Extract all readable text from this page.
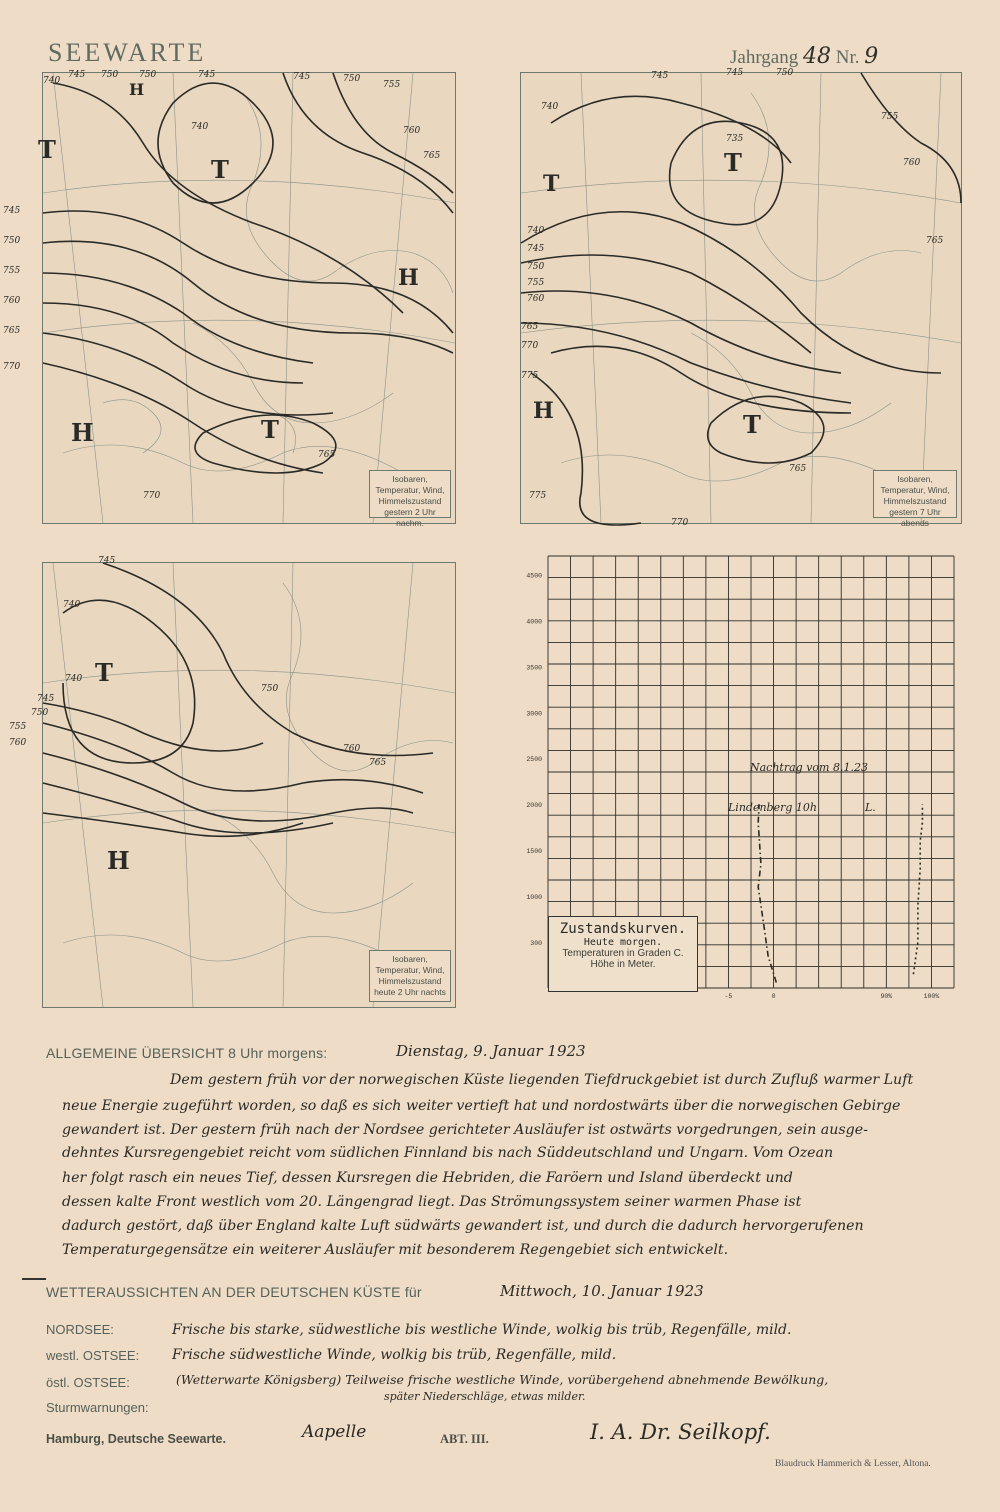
SEEWARTE	Jahrgang 48 Nr. 9
T
T
H
H
T
H
740
745 750 750	745	745	750
755
760
765
740
770
765
745
750
755
760
765
770
Isobaren,
Temperatur, Wind,
Himmelszustand
gestern 2 Uhr nachm.
T
T
H	T
745	745	750
755
760
765
740
735
740
745
750
755
760
765
770
775
775
770
765
Isobaren,
Temperatur, Wind,
Himmelszustand
gestern 7 Uhr abends
T
H
745
740
745
750
755
760
750
760
765
740
Isobaren,
Temperatur, Wind,
Himmelszustand
heute 2 Uhr nachts
300
1000
1500
2000
2500
3000
3500
4000
4500
-5	0	90%	100%
Zustandskurven.
Heute morgen.
Temperaturen in Graden C.
Höhe in Meter.
Nachtrag vom 8.1.23
Lindenberg 10h	L.
ALLGEMEINE ÜBERSICHT 8 Uhr morgens:	Dienstag, 9. Januar 1923
Dem gestern früh vor der norwegischen Küste liegenden Tiefdruckgebiet ist durch Zufluß warmer Luft
neue Energie zugeführt worden, so daß es sich weiter vertieft hat und nordostwärts über die norwegischen Gebirge
gewandert ist. Der gestern früh nach der Nordsee gerichteter Ausläufer ist ostwärts vorgedrungen, sein ausge-
dehntes Kursregengebiet reicht vom südlichen Finnland bis nach Süddeutschland und Ungarn. Vom Ozean
her folgt rasch ein neues Tief, dessen Kursregen die Hebriden, die Faröern und Island überdeckt und
dessen kalte Front westlich vom 20. Längengrad liegt. Das Strömungssystem seiner warmen Phase ist
dadurch gestört, daß über England kalte Luft südwärts gewandert ist, und durch die dadurch hervorgerufenen
Temperaturgegensätze ein weiterer Ausläufer mit besonderem Regengebiet sich entwickelt.
WETTERAUSSICHTEN AN DER DEUTSCHEN KÜSTE für	Mittwoch, 10. Januar 1923
NORDSEE:	Frische bis starke, südwestliche bis westliche Winde, wolkig bis trüb, Regenfälle, mild.
westl. OSTSEE: Frische südwestliche Winde, wolkig bis trüb, Regenfälle, mild.
östl. OSTSEE:	(Wetterwarte Königsberg) Teilweise frische westliche Winde, vorübergehend abnehmende Bewölkung,
später Niederschläge, etwas milder.
Sturmwarnungen:
Hamburg, Deutsche Seewarte.	Aapelle	ABT. III.	I. A. Dr. Seilkopf.
Blaudruck Hammerich & Lesser, Altona.
